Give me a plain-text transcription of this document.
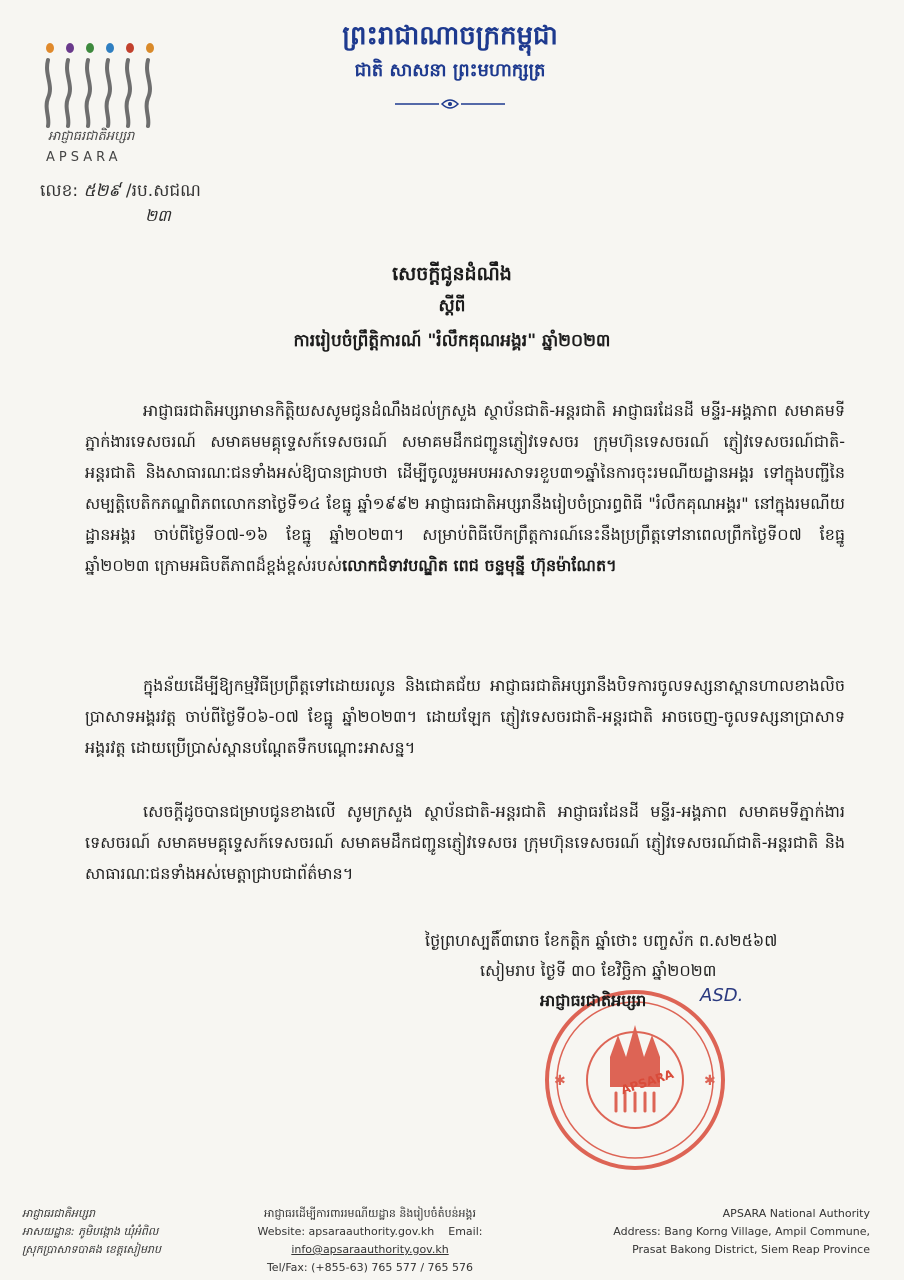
អាជ្ញាធរជាតិអប្សរា
APSARA
ព្រះរាជាណាចក្រកម្ពុជា
ជាតិ សាសនា ព្រះមហាក្សត្រ
លេខ: ៥២៩ /រប.សជណ
២៣
សេចក្តីជូនដំណឹង
ស្តីពី
ការរៀបចំព្រឹត្តិការណ៍ "រំលឹកគុណអង្គរ" ឆ្នាំ២០២៣

អាជ្ញាធរជាតិអប្សរាមានកិត្តិយសសូមជូនដំណឹងដល់ក្រសួង ស្ថាប័នជាតិ-អន្តរជាតិ អាជ្ញាធរដែនដី មន្ទីរ-អង្គភាព សមាគមទីភ្នាក់ងារទេសចរណ៍ សមាគមមគ្គុទ្ទេសក៍ទេសចរណ៍ សមាគមដឹកជញ្ជូនភ្ញៀវទេសចរ ក្រុមហ៊ុនទេសចរណ៍ ភ្ញៀវទេសចរណ៍ជាតិ-អន្តរជាតិ និងសាធារណៈជនទាំងអស់ឱ្យបានជ្រាបថា ដើម្បីចូលរួមអបអរសាទរខួប៣១ឆ្នាំនៃការចុះរមណីយដ្ឋានអង្គរ ទៅក្នុងបញ្ជីនៃសម្បត្តិបេតិកភណ្ឌពិភពលោកនាថ្ងៃទី១៤ ខែធ្នូ ឆ្នាំ១៩៩២ អាជ្ញាធរជាតិអប្សរានឹងរៀបចំប្រារព្ធពិធី "រំលឹកគុណអង្គរ" នៅក្នុងរមណីយដ្ឋានអង្គរ ចាប់ពីថ្ងៃទី០៧-១៦ ខែធ្នូ ឆ្នាំ២០២៣។ សម្រាប់ពិធីបើកព្រឹត្តការណ៍នេះនឹងប្រព្រឹត្តទៅនាពេលព្រឹកថ្ងៃទី០៧ ខែធ្នូ ឆ្នាំ២០២៣ ក្រោមអធិបតីភាពដ៏ខ្ពង់ខ្ពស់របស់លោកជំទាវបណ្ឌិត ពេជ ចន្ទមុន្នី ហ៊ុនម៉ាណែត។

ក្នុងន័យដើម្បីឱ្យកម្មវិធីប្រព្រឹត្តទៅដោយរលូន និងជោគជ័យ អាជ្ញាធរជាតិអប្សរានឹងបិទការចូលទស្សនាស្ពានហាលខាងលិចប្រាសាទអង្គរវត្ត ចាប់ពីថ្ងៃទី០៦-០៧ ខែធ្នូ ឆ្នាំ២០២៣។ ដោយឡែក ភ្ញៀវទេសចរជាតិ-អន្តរជាតិ អាចចេញ-ចូលទស្សនាប្រាសាទអង្គរវត្ត ដោយប្រើប្រាស់ស្ពានបណ្តែតទឹកបណ្តោះអាសន្ន។

សេចក្តីដូចបានជម្រាបជូនខាងលើ សូមក្រសួង ស្ថាប័នជាតិ-អន្តរជាតិ អាជ្ញាធរដែនដី មន្ទីរ-អង្គភាព សមាគមទីភ្នាក់ងារទេសចរណ៍ សមាគមមគ្គុទ្ទេសក៍ទេសចរណ៍ សមាគមដឹកជញ្ជូនភ្ញៀវទេសចរ ក្រុមហ៊ុនទេសចរណ៍ ភ្ញៀវទេសចរណ៍ជាតិ-អន្តរជាតិ និងសាធារណៈជនទាំងអស់មេត្តាជ្រាបជាព័ត៌មាន។

✱	✱
APSARA
ថ្ងៃព្រហស្បតិ៍៣រោច ខែកត្តិក ឆ្នាំថោះ បញ្ចស័ក ព.ស២៥៦៧
សៀមរាប ថ្ងៃទី ៣០ ខែវិច្ឆិកា ឆ្នាំ២០២៣
អាជ្ញាធរជាតិអប្សរា	ASD.
អាជ្ញាធរជាតិអប្សរា
អាសយដ្ឋាន: ភូមិបង្កោង ឃុំអំពិល
ស្រុកប្រាសាទបាគង ខេត្តសៀមរាប
អាជ្ញាធរដើម្បីការពាររមណីយដ្ឋាន និងរៀបចំតំបន់អង្គរ
Website: apsaraauthority.gov.kh Email: info@apsaraauthority.gov.kh
Tel/Fax: (+855-63) 765 577 / 765 576
APSARA National Authority
Address: Bang Korng Village, Ampil Commune,
Prasat Bakong District, Siem Reap Province
